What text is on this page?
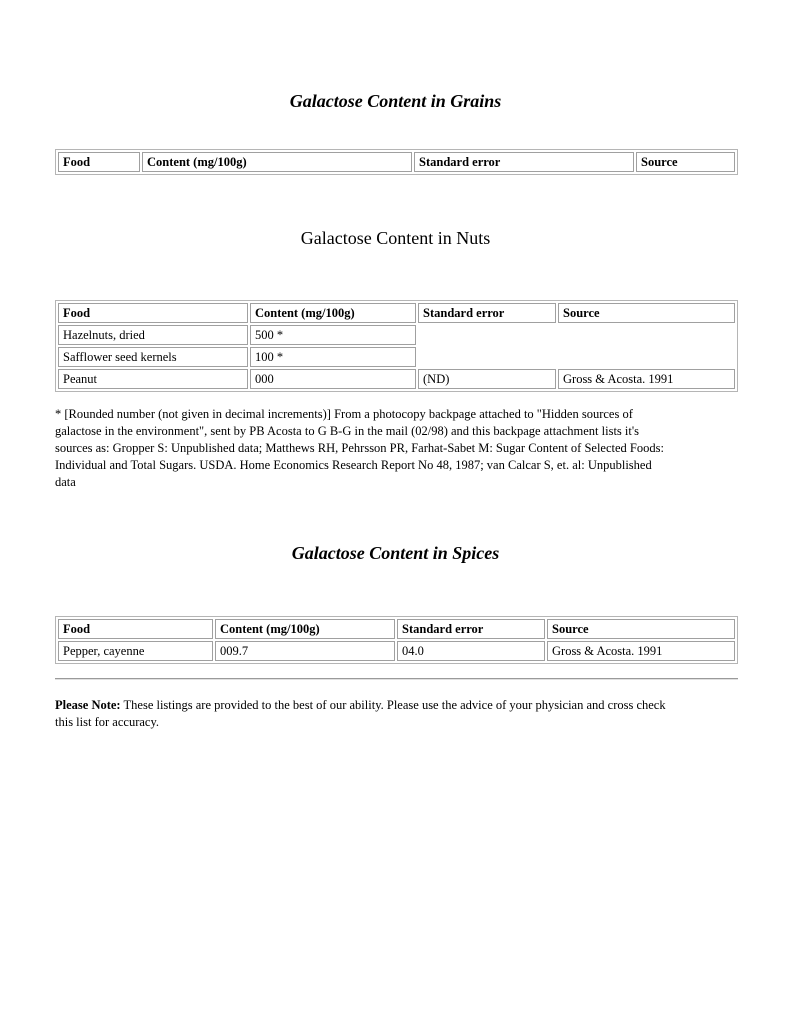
Galactose Content in Grains
Food	Content (mg/100g)	Standard error	Source
Galactose Content in Nuts
Food	Content (mg/100g)	Standard error	Source
Hazelnuts, dried	500 *		
Safflower seed kernels	100 *		
Peanut	000	(ND)	Gross & Acosta. 1991
* [Rounded number (not given in decimal increments)] From a photocopy backpage attached to "Hidden sources of
galactose in the environment", sent by PB Acosta to G B-G in the mail (02/98) and this backpage attachment lists it's
sources as: Gropper S: Unpublished data; Matthews RH, Pehrsson PR, Farhat-Sabet M: Sugar Content of Selected Foods:
Individual and Total Sugars. USDA. Home Economics Research Report No 48, 1987; van Calcar S, et. al: Unpublished
data
Galactose Content in Spices
Food	Content (mg/100g)	Standard error	Source
Pepper, cayenne	009.7	04.0	Gross & Acosta. 1991
Please Note: These listings are provided to the best of our ability. Please use the advice of your physician and cross check
this list for accuracy.
